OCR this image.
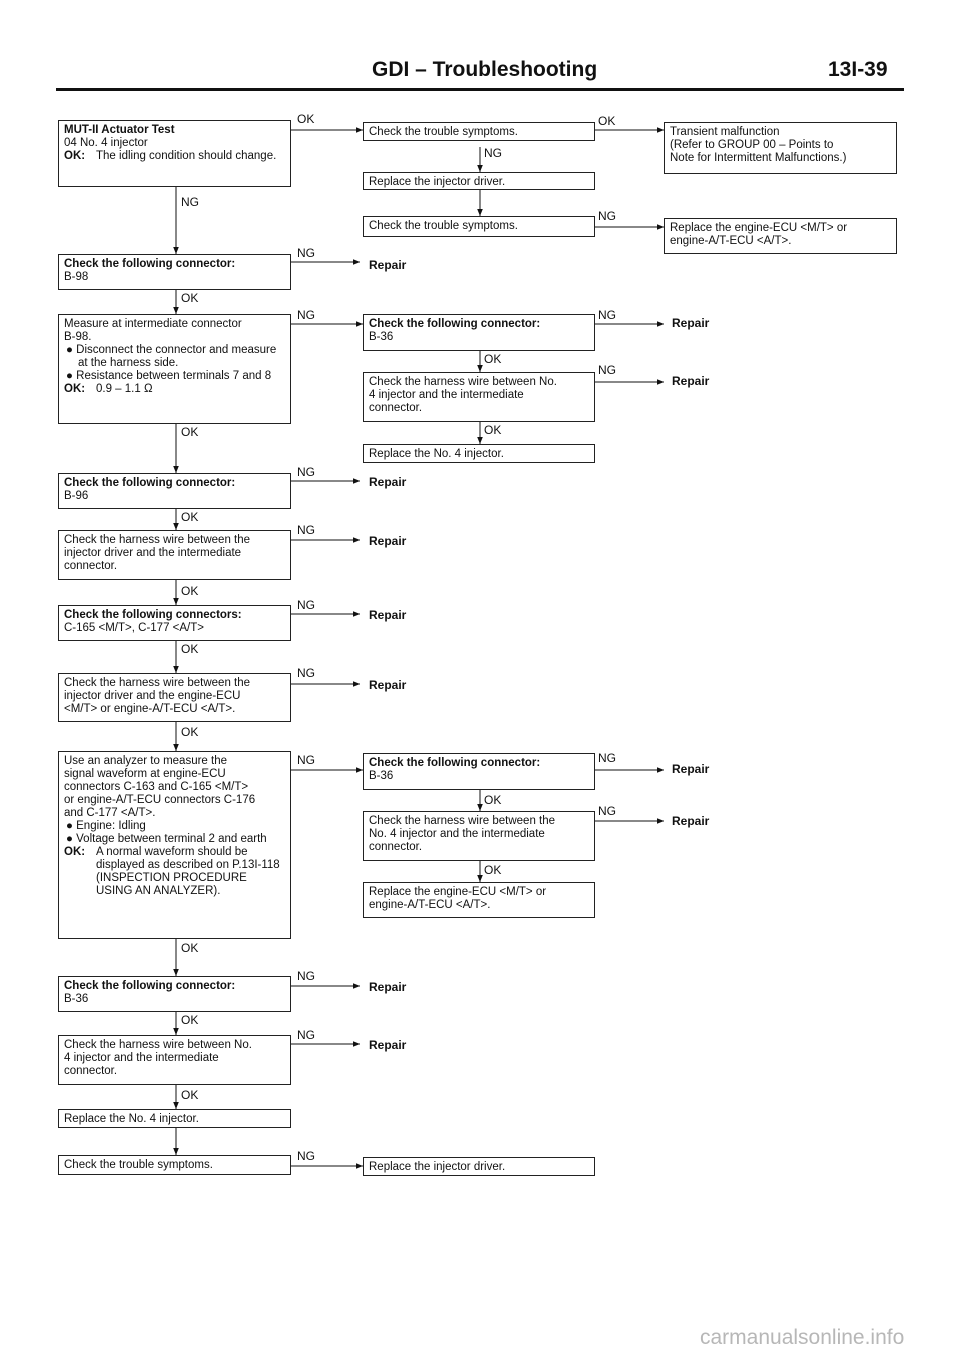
GDI – Troubleshooting	13I-39
MUT-II Actuator Test
04 No. 4 injector
OK: The idling condition should change.
Check the following connector:
B-98
Measure at intermediate connector
B-98.
● Disconnect the connector and measure at the harness side.
● Resistance between terminals 7 and 8
OK: 0.9 – 1.1 Ω
Check the following connector:
B-96
Check the harness wire between the
injector driver and the intermediate
connector.
Check the following connectors:
C-165 <M/T>, C-177 <A/T>
Check the harness wire between the
injector driver and the engine-ECU
<M/T> or engine-A/T-ECU <A/T>.
Use an analyzer to measure the
signal waveform at engine-ECU
connectors C-163 and C-165 <M/T>
or engine-A/T-ECU connectors C-176
and C-177 <A/T>.
● Engine: Idling
● Voltage between terminal 2 and earth
OK: A normal waveform should be displayed as described on P.13I-118 (INSPECTION PROCEDURE USING AN ANALYZER).
Check the following connector:
B-36
Check the harness wire between No.
4 injector and the intermediate
connector.
Replace the No. 4 injector.
Check the trouble symptoms.
Check the trouble symptoms.
Replace the injector driver.
Check the trouble symptoms.
Check the following connector:
B-36
Check the harness wire between No.
4 injector and the intermediate
connector.
Replace the No. 4 injector.
Check the following connector:
B-36
Check the harness wire between the
No. 4 injector and the intermediate
connector.
Replace the engine-ECU <M/T> or
engine-A/T-ECU <A/T>.
Replace the injector driver.
Transient malfunction
(Refer to GROUP 00 – Points to
Note for Intermittent Malfunctions.)
Replace the engine-ECU <M/T> or
engine-A/T-ECU <A/T>.
OK	OK
OK
OK
OK	OK
OK
OK
OK
OK
OK
OK
OK
OK
OK
NG
NG
NG
NG
NG	NG
NG
NG
NG
NG
NG
NG	NG
NG
NG
NG
NG
Repair
Repair
Repair
Repair
Repair
Repair
Repair
Repair
Repair
Repair
Repair
carmanualsonline.info
